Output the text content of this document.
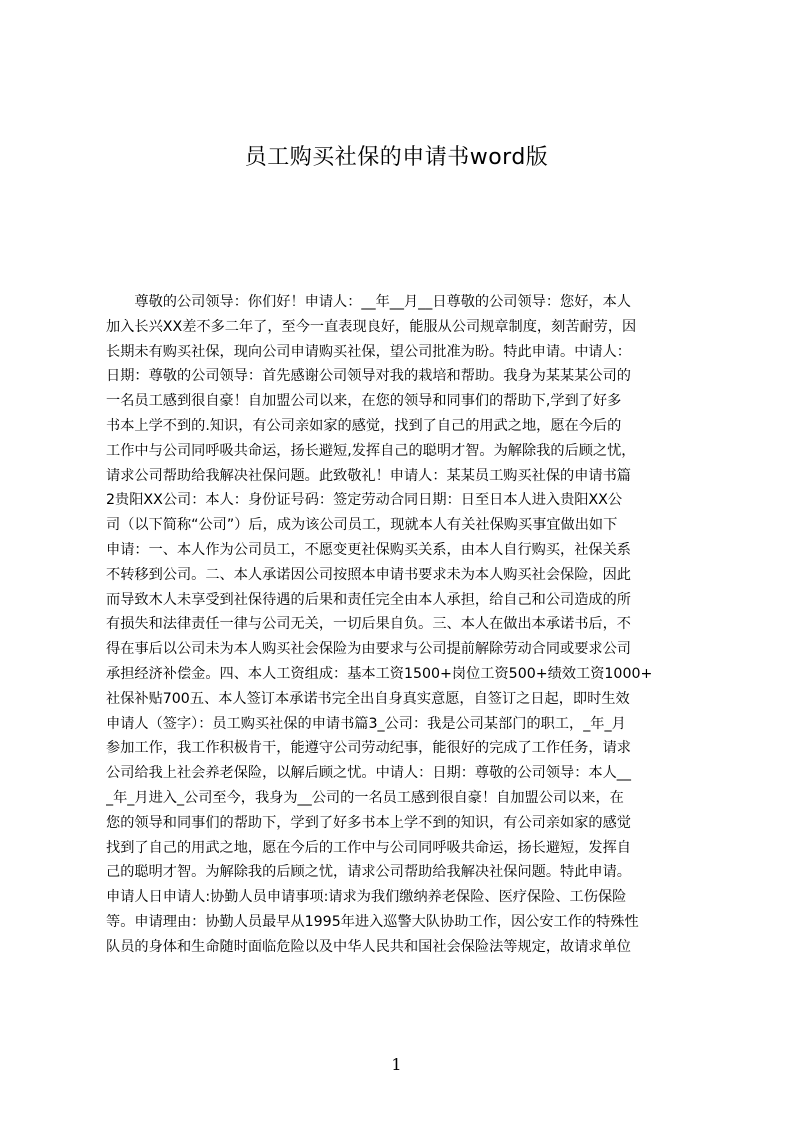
员工购买社保的申请书word版
　　尊敬的公司领导：你们好！申请人：__年__月__日尊敬的公司领导：您好，本人
加入长兴XX差不多二年了，至今一直表现良好，能服从公司规章制度，刻苦耐劳，因
长期未有购买社保，现向公司申请购买社保，望公司批准为盼。特此申请。中请人：
日期：尊敬的公司领导：首先感谢公司领导对我的栽培和帮助。我身为某某某公司的
一名员工感到很自豪！自加盟公司以来，在您的领导和同事们的帮助下,学到了好多
书本上学不到的.知识，有公司亲如家的感觉，找到了自己的用武之地，愿在今后的
工作中与公司同呼吸共命运，扬长避短,发挥自己的聪明才智。为解除我的后顾之忧，
请求公司帮助给我解决社保问题。此致敬礼！申请人：某某员工购买社保的申请书篇
2贵阳XX公司：本人：身份证号码：签定劳动合同日期：日至日本人进入贵阳XX公
司（以下简称“公司”）后，成为该公司员工，现就本人有关社保购买事宜做出如下
申请：一、本人作为公司员工，不愿变更社保购买关系，由本人自行购买，社保关系
不转移到公司。二、本人承诺因公司按照本申请书要求未为本人购买社会保险，因此
而导致木人未享受到社保待遇的后果和责任完全由本人承担，给自己和公司造成的所
有损失和法律责任一律与公司无关，一切后果自负。三、本人在做出本承诺书后，不
得在事后以公司未为本人购买社会保险为由要求与公司提前解除劳动合同或要求公司
承担经济补偿金。四、本人工资组成：基本工资1500+岗位工资500+绩效工资1000+
社保补贴700五、本人签订本承诺书完全出自身真实意愿，自签订之日起，即时生效
申请人（签字）：员工购买社保的申请书篇3_公司：我是公司某部门的职工，_年_月
参加工作，我工作积极肯干，能遵守公司劳动纪事，能很好的完成了工作任务，请求
公司给我上社会养老保险，以解后顾之忧。中请人：日期：尊敬的公司领导：本人__
_年_月进入_公司至今，我身为__公司的一名员工感到很自豪！自加盟公司以来，在
您的领导和同事们的帮助下，学到了好多书本上学不到的知识，有公司亲如家的感觉
找到了自己的用武之地，愿在今后的工作中与公司同呼吸共命运，扬长避短，发挥自
己的聪明才智。为解除我的后顾之忧，请求公司帮助给我解决社保问题。特此申请。
申请人日申请人:协勤人员申请事项:请求为我们缴纳养老保险、医疗保险、工伤保险
等。申请理由：协勤人员最早从1995年进入巡警大队协助工作，因公安工作的特殊性
队员的身体和生命随时面临危险以及中华人民共和国社会保险法等规定，故请求单位
1
